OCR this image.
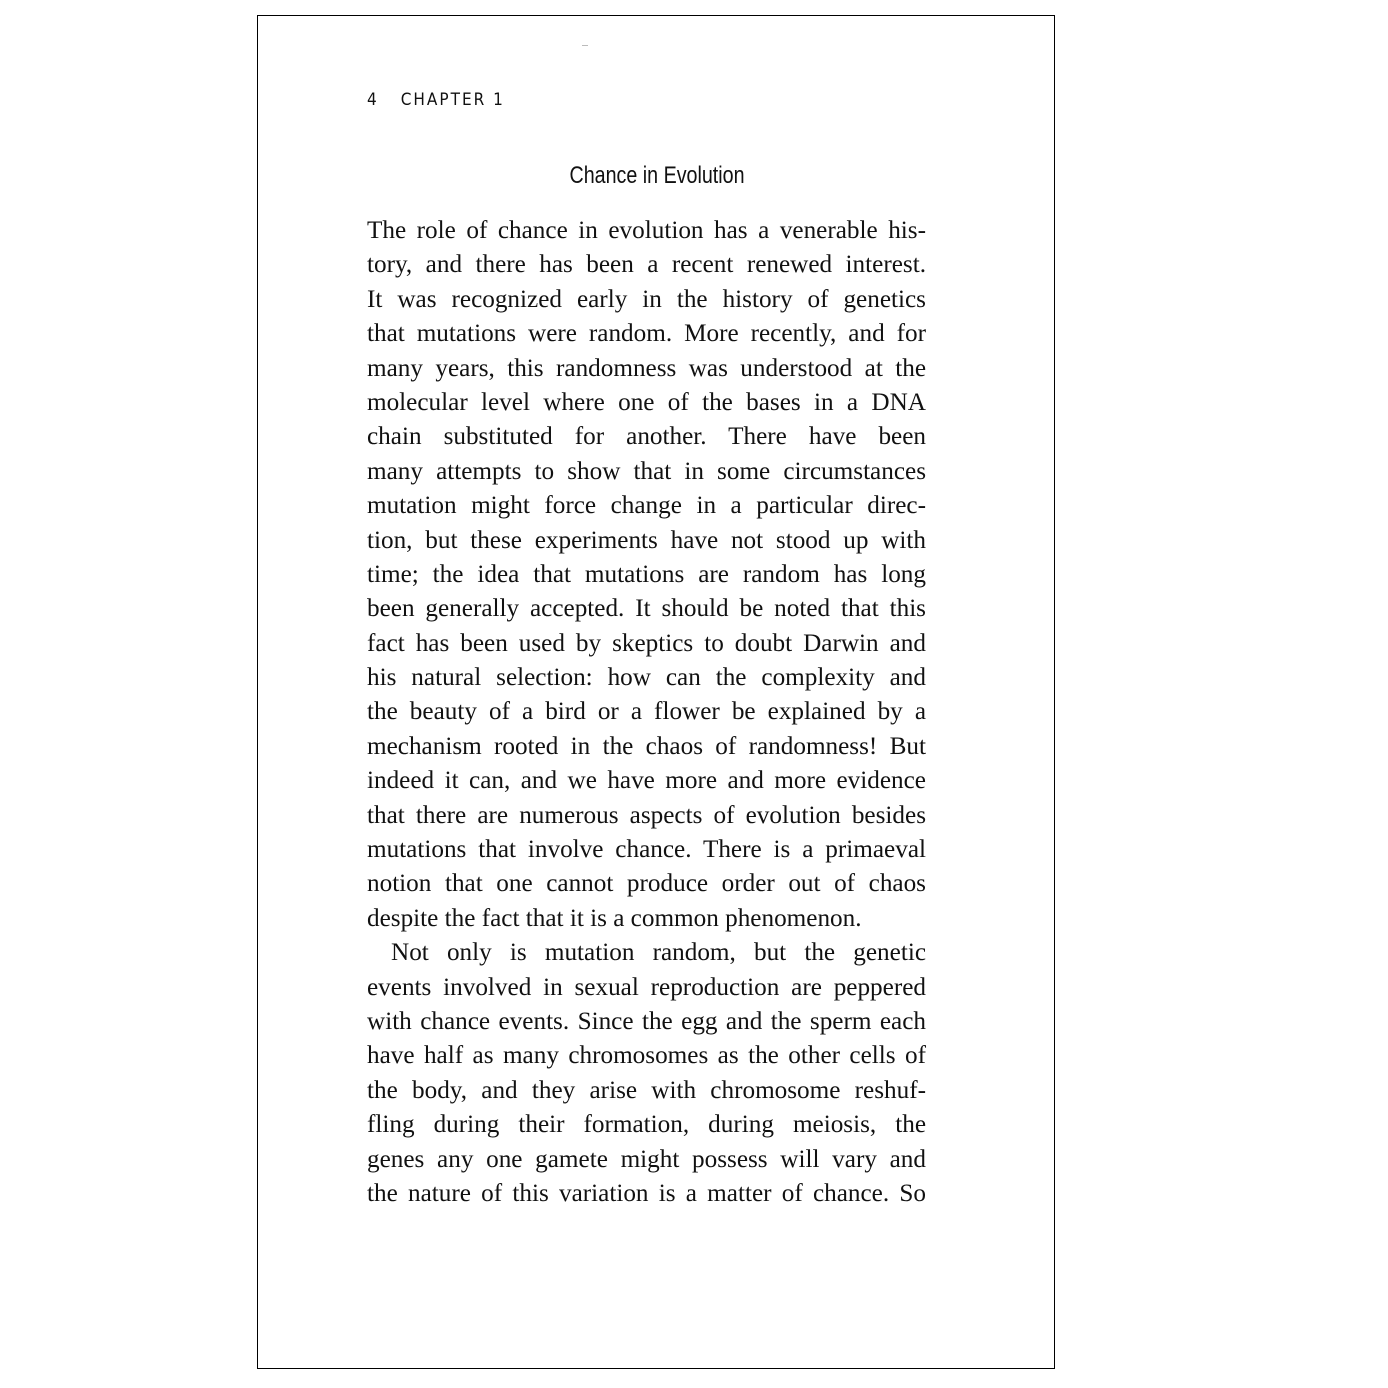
4 CHAPTER 1
Chance in Evolution
The role of chance in evolution has a venerable his-
tory, and there has been a recent renewed interest.
It was recognized early in the history of genetics
that mutations were random. More recently, and for
many years, this randomness was understood at the
molecular level where one of the bases in a DNA
chain substituted for another. There have been
many attempts to show that in some circumstances
mutation might force change in a particular direc-
tion, but these experiments have not stood up with
time; the idea that mutations are random has long
been generally accepted. It should be noted that this
fact has been used by skeptics to doubt Darwin and
his natural selection: how can the complexity and
the beauty of a bird or a flower be explained by a
mechanism rooted in the chaos of randomness! But
indeed it can, and we have more and more evidence
that there are numerous aspects of evolution besides
mutations that involve chance. There is a primaeval
notion that one cannot produce order out of chaos
despite the fact that it is a common phenomenon.
Not only is mutation random, but the genetic
events involved in sexual reproduction are peppered
with chance events. Since the egg and the sperm each
have half as many chromosomes as the other cells of
the body, and they arise with chromosome reshuf-
fling during their formation, during meiosis, the
genes any one gamete might possess will vary and
the nature of this variation is a matter of chance. So
